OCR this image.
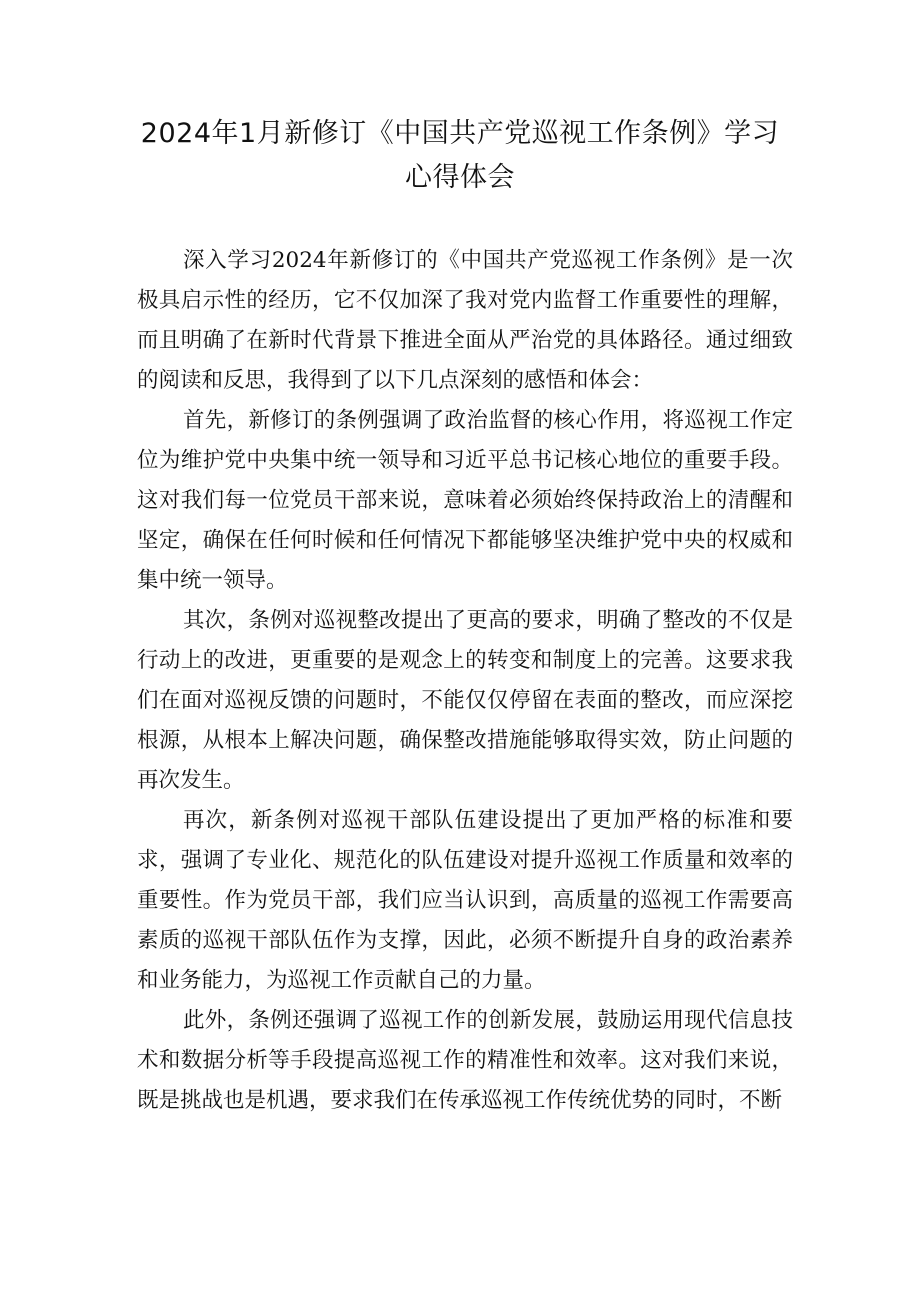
2024年1月新修订《中国共产党巡视工作条例》学习
心得体会

深入学习2024年新修订的《中国共产党巡视工作条例》是一次极具启示性的经历，它不仅加深了我对党内监督工作重要性的理解，而且明确了在新时代背景下推进全面从严治党的具体路径。通过细致的阅读和反思，我得到了以下几点深刻的感悟和体会：

首先，新修订的条例强调了政治监督的核心作用，将巡视工作定位为维护党中央集中统一领导和习近平总书记核心地位的重要手段。这对我们每一位党员干部来说，意味着必须始终保持政治上的清醒和坚定，确保在任何时候和任何情况下都能够坚决维护党中央的权威和集中统一领导。

其次，条例对巡视整改提出了更高的要求，明确了整改的不仅是行动上的改进，更重要的是观念上的转变和制度上的完善。这要求我们在面对巡视反馈的问题时，不能仅仅停留在表面的整改，而应深挖根源，从根本上解决问题，确保整改措施能够取得实效，防止问题的再次发生。

再次，新条例对巡视干部队伍建设提出了更加严格的标准和要求，强调了专业化、规范化的队伍建设对提升巡视工作质量和效率的重要性。作为党员干部，我们应当认识到，高质量的巡视工作需要高素质的巡视干部队伍作为支撑，因此，必须不断提升自身的政治素养和业务能力，为巡视工作贡献自己的力量。

此外，条例还强调了巡视工作的创新发展，鼓励运用现代信息技术和数据分析等手段提高巡视工作的精准性和效率。这对我们来说，既是挑战也是机遇，要求我们在传承巡视工作传统优势的同时，不断
